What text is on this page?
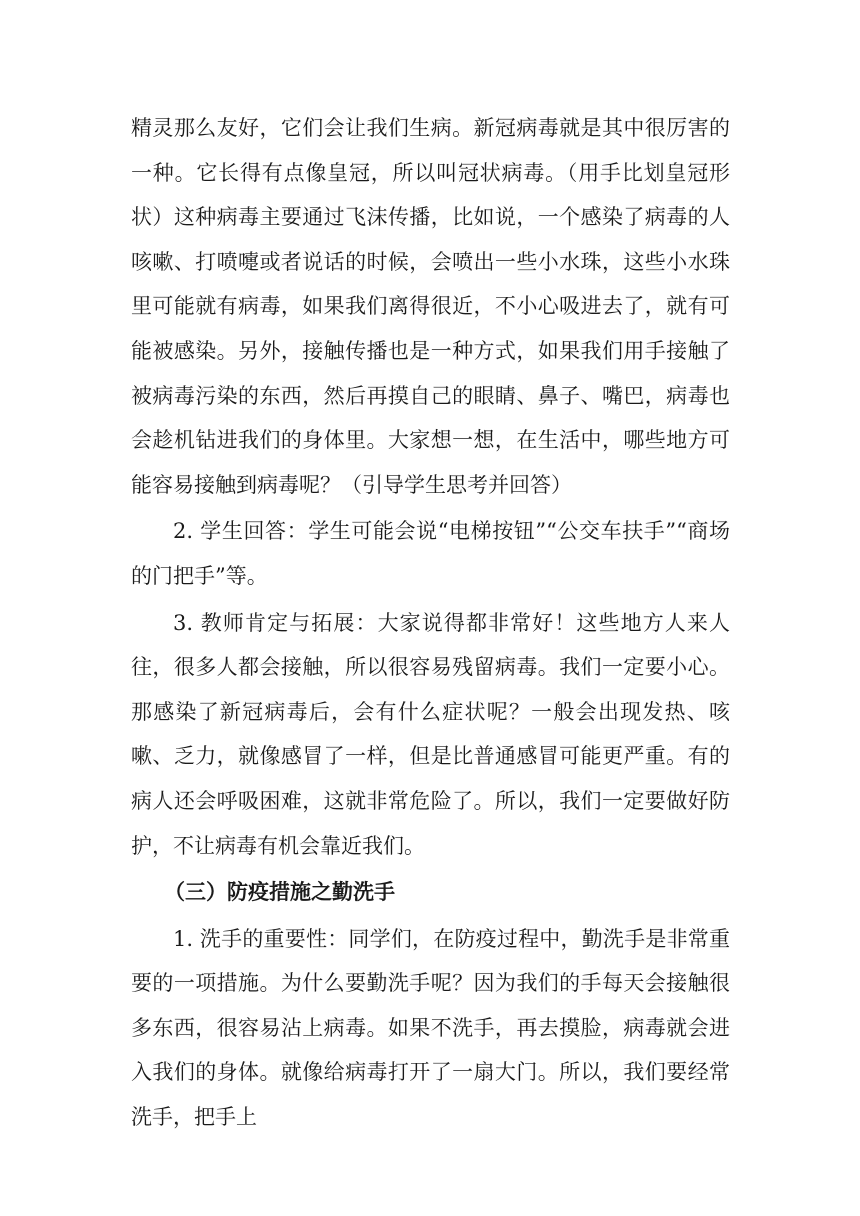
精灵那么友好，它们会让我们生病。新冠病毒就是其中很厉害的一种。它长得有点像皇冠，所以叫冠状病毒。（用手比划皇冠形状）这种病毒主要通过飞沫传播，比如说，一个感染了病毒的人咳嗽、打喷嚏或者说话的时候，会喷出一些小水珠，这些小水珠里可能就有病毒，如果我们离得很近，不小心吸进去了，就有可能被感染。另外，接触传播也是一种方式，如果我们用手接触了被病毒污染的东西，然后再摸自己的眼睛、鼻子、嘴巴，病毒也会趁机钻进我们的身体里。大家想一想，在生活中，哪些地方可能容易接触到病毒呢？（引导学生思考并回答）

2. 学生回答：学生可能会说“电梯按钮”“公交车扶手”“商场的门把手”等。

3. 教师肯定与拓展：大家说得都非常好！这些地方人来人往，很多人都会接触，所以很容易残留病毒。我们一定要小心。那感染了新冠病毒后，会有什么症状呢？一般会出现发热、咳嗽、乏力，就像感冒了一样，但是比普通感冒可能更严重。有的病人还会呼吸困难，这就非常危险了。所以，我们一定要做好防护，不让病毒有机会靠近我们。

（三）防疫措施之勤洗手

1. 洗手的重要性：同学们，在防疫过程中，勤洗手是非常重要的一项措施。为什么要勤洗手呢？因为我们的手每天会接触很多东西，很容易沾上病毒。如果不洗手，再去摸脸，病毒就会进入我们的身体。就像给病毒打开了一扇大门。所以，我们要经常洗手，把手上
